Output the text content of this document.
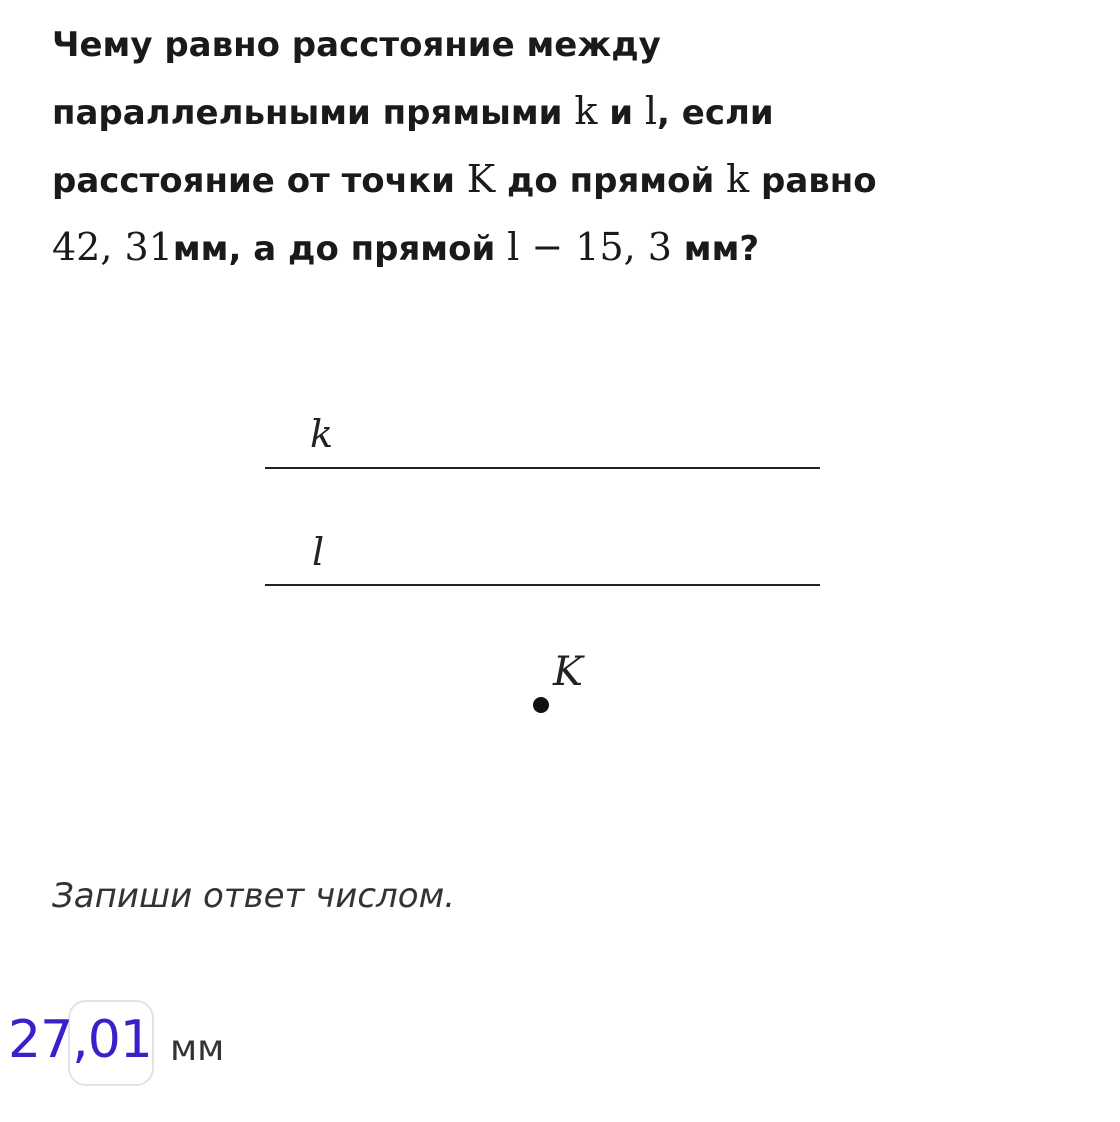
Чему равно расстояние между
параллельными прямыми k и l, если
расстояние от точки K до прямой k равно
42, 31мм, а до прямой l − 15, 3 мм?
k
l
K
Запиши ответ числом.
27,01 мм
